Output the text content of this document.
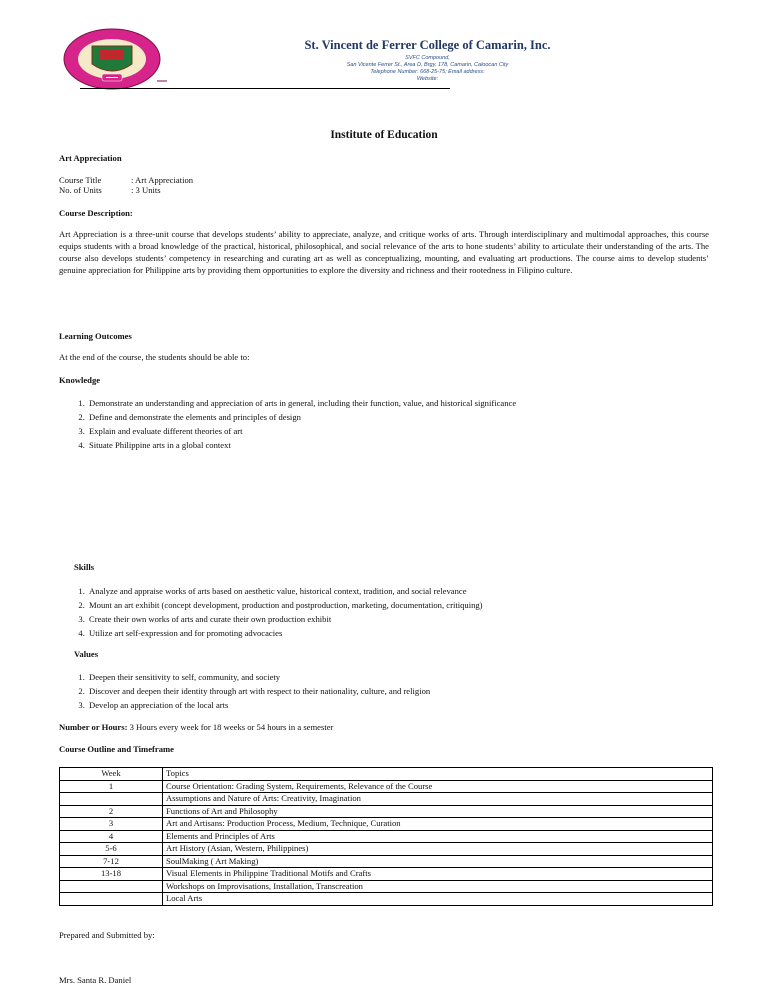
St. Vincent de Ferrer College of Camarin, Inc.
SVFC Compound,
San Vicente Ferrer St., Area D, Brgy. 178, Camarin, Caloocan City
Telephone Number: 668-25-75; Email address:
Website:
Institute of Education
Art Appreciation
Course Title	: Art Appreciation
No. of Units	: 3 Units
Course Description:
Art Appreciation is a three-unit course that develops students’ ability to appreciate, analyze, and critique works of arts. Through interdisciplinary and multimodal approaches, this course equips students with a broad knowledge of the practical, historical, philosophical, and social relevance of the arts to hone students’ ability to articulate their understanding of the arts. The course also develops students’ competency in researching and curating art as well as conceptualizing, mounting, and evaluating art productions. The course aims to develop students’ genuine appreciation for Philippine arts by providing them opportunities to explore the diversity and richness and their rootedness in Filipino culture.
Learning Outcomes
At the end of the course, the students should be able to:
Knowledge
1. Demonstrate an understanding and appreciation of arts in general, including their function, value, and historical significance
2. Define and demonstrate the elements and principles of design
3. Explain and evaluate different theories of art
4. Situate Philippine arts in a global context
Skills
1. Analyze and appraise works of arts based on aesthetic value, historical context, tradition, and social relevance
2. Mount an art exhibit (concept development, production and postproduction, marketing, documentation, critiquing)
3. Create their own works of arts and curate their own production exhibit
4. Utilize art self-expression and for promoting advocacies
Values
1. Deepen their sensitivity to self, community, and society
2. Discover and deepen their identity through art with respect to their nationality, culture, and religion
3. Develop an appreciation of the local arts
Number or Hours: 3 Hours every week for 18 weeks or 54 hours in a semester
Course Outline and Timeframe
Week	Topics
1	Course Orientation: Grading System, Requirements, Relevance of the Course
	Assumptions and Nature of Arts: Creativity, Imagination
2	Functions of Art and Philosophy
3	Art and Artisans: Production Process, Medium, Technique, Curation
4	Elements and Principles of Arts
5-6	Art History (Asian, Western, Philippines)
7-12	SoulMaking ( Art Making)
13-18	Visual Elements in Philippine Traditional Motifs and Crafts
	Workshops on Improvisations, Installation, Transcreation
	Local Arts
Prepared and Submitted by:
Mrs. Santa R. Daniel
